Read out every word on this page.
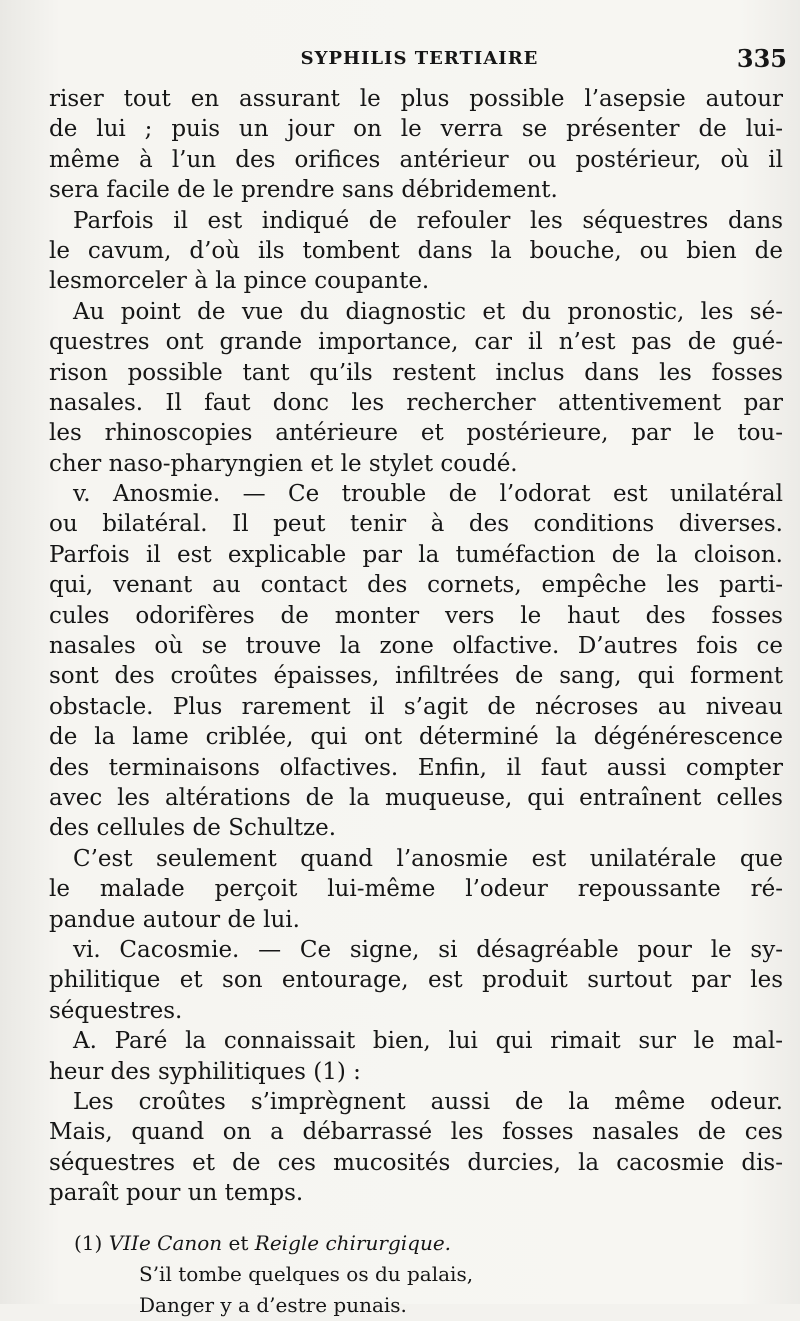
SYPHILIS TERTIAIRE	335
riser tout en assurant le plus possible l’asepsie autour
de lui ; puis un jour on le verra se présenter de lui-
même à l’un des orifices antérieur ou postérieur, où il
sera facile de le prendre sans débridement.
Parfois il est indiqué de refouler les séquestres dans
le cavum, d’où ils tombent dans la bouche, ou bien de
lesmorceler à la pince coupante.
Au point de vue du diagnostic et du pronostic, les sé-
questres ont grande importance, car il n’est pas de gué-
rison possible tant qu’ils restent inclus dans les fosses
nasales. Il faut donc les rechercher attentivement par
les rhinoscopies antérieure et postérieure, par le tou-
cher naso-pharyngien et le stylet coudé.
v. Anosmie. — Ce trouble de l’odorat est unilatéral
ou bilatéral. Il peut tenir à des conditions diverses.
Parfois il est explicable par la tuméfaction de la cloison.
qui, venant au contact des cornets, empêche les parti-
cules odorifères de monter vers le haut des fosses
nasales où se trouve la zone olfactive. D’autres fois ce
sont des croûtes épaisses, infiltrées de sang, qui forment
obstacle. Plus rarement il s’agit de nécroses au niveau
de la lame criblée, qui ont déterminé la dégénérescence
des terminaisons olfactives. Enfin, il faut aussi compter
avec les altérations de la muqueuse, qui entraînent celles
des cellules de Schultze.
C’est seulement quand l’anosmie est unilatérale que
le malade perçoit lui-même l’odeur repoussante ré-
pandue autour de lui.
vi. Cacosmie. — Ce signe, si désagréable pour le sy-
philitique et son entourage, est produit surtout par les
séquestres.
A. Paré la connaissait bien, lui qui rimait sur le mal-
heur des syphilitiques (1) :
Les croûtes s’imprègnent aussi de la même odeur.
Mais, quand on a débarrassé les fosses nasales de ces
séquestres et de ces mucosités durcies, la cacosmie dis-
paraît pour un temps.
(1) VIIe Canon et Reigle chirurgique.
S’il tombe quelques os du palais,
Danger y a d’estre punais.
